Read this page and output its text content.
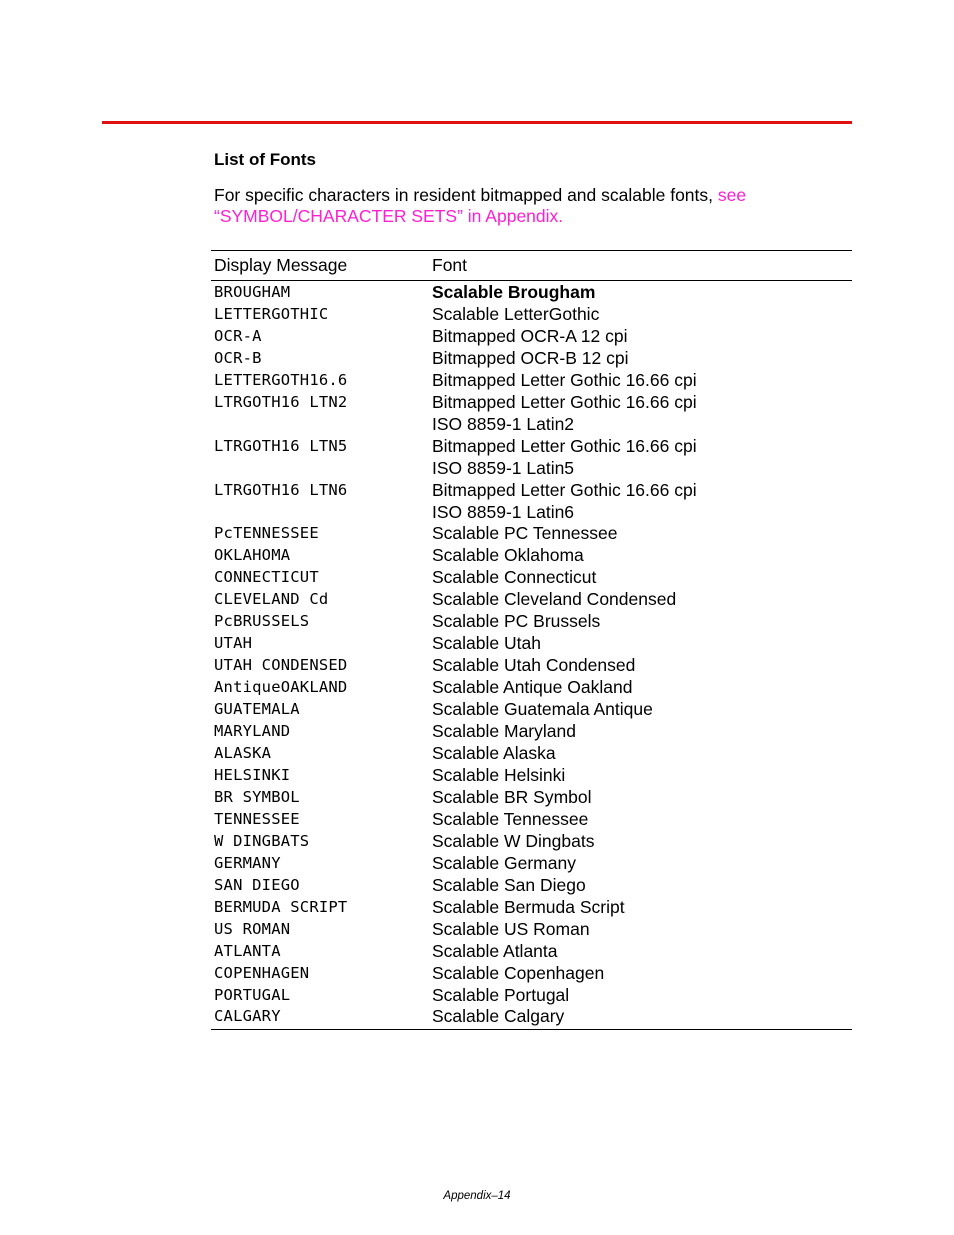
List of Fonts
For specific characters in resident bitmapped and scalable fonts, see “SYMBOL/CHARACTER SETS” in Appendix.
Display Message	Font
BROUGHAM	Scalable Brougham
LETTERGOTHIC	Scalable LetterGothic
OCR-A	Bitmapped OCR-A 12 cpi
OCR-B	Bitmapped OCR-B 12 cpi
LETTERGOTH16.6	Bitmapped Letter Gothic 16.66 cpi
LTRGOTH16 LTN2	Bitmapped Letter Gothic 16.66 cpi
ISO 8859-1 Latin2
LTRGOTH16 LTN5	Bitmapped Letter Gothic 16.66 cpi
ISO 8859-1 Latin5
LTRGOTH16 LTN6	Bitmapped Letter Gothic 16.66 cpi
ISO 8859-1 Latin6
PcTENNESSEE	Scalable PC Tennessee
OKLAHOMA	Scalable Oklahoma
CONNECTICUT	Scalable Connecticut
CLEVELAND Cd	Scalable Cleveland Condensed
PcBRUSSELS	Scalable PC Brussels
UTAH	Scalable Utah
UTAH CONDENSED	Scalable Utah Condensed
AntiqueOAKLAND	Scalable Antique Oakland
GUATEMALA	Scalable Guatemala Antique
MARYLAND	Scalable Maryland
ALASKA	Scalable Alaska
HELSINKI	Scalable Helsinki
BR SYMBOL	Scalable BR Symbol
TENNESSEE	Scalable Tennessee
W DINGBATS	Scalable W Dingbats
GERMANY	Scalable Germany
SAN DIEGO	Scalable San Diego
BERMUDA SCRIPT	Scalable Bermuda Script
US ROMAN	Scalable US Roman
ATLANTA	Scalable Atlanta
COPENHAGEN	Scalable Copenhagen
PORTUGAL	Scalable Portugal
CALGARY	Scalable Calgary
Appendix–14
